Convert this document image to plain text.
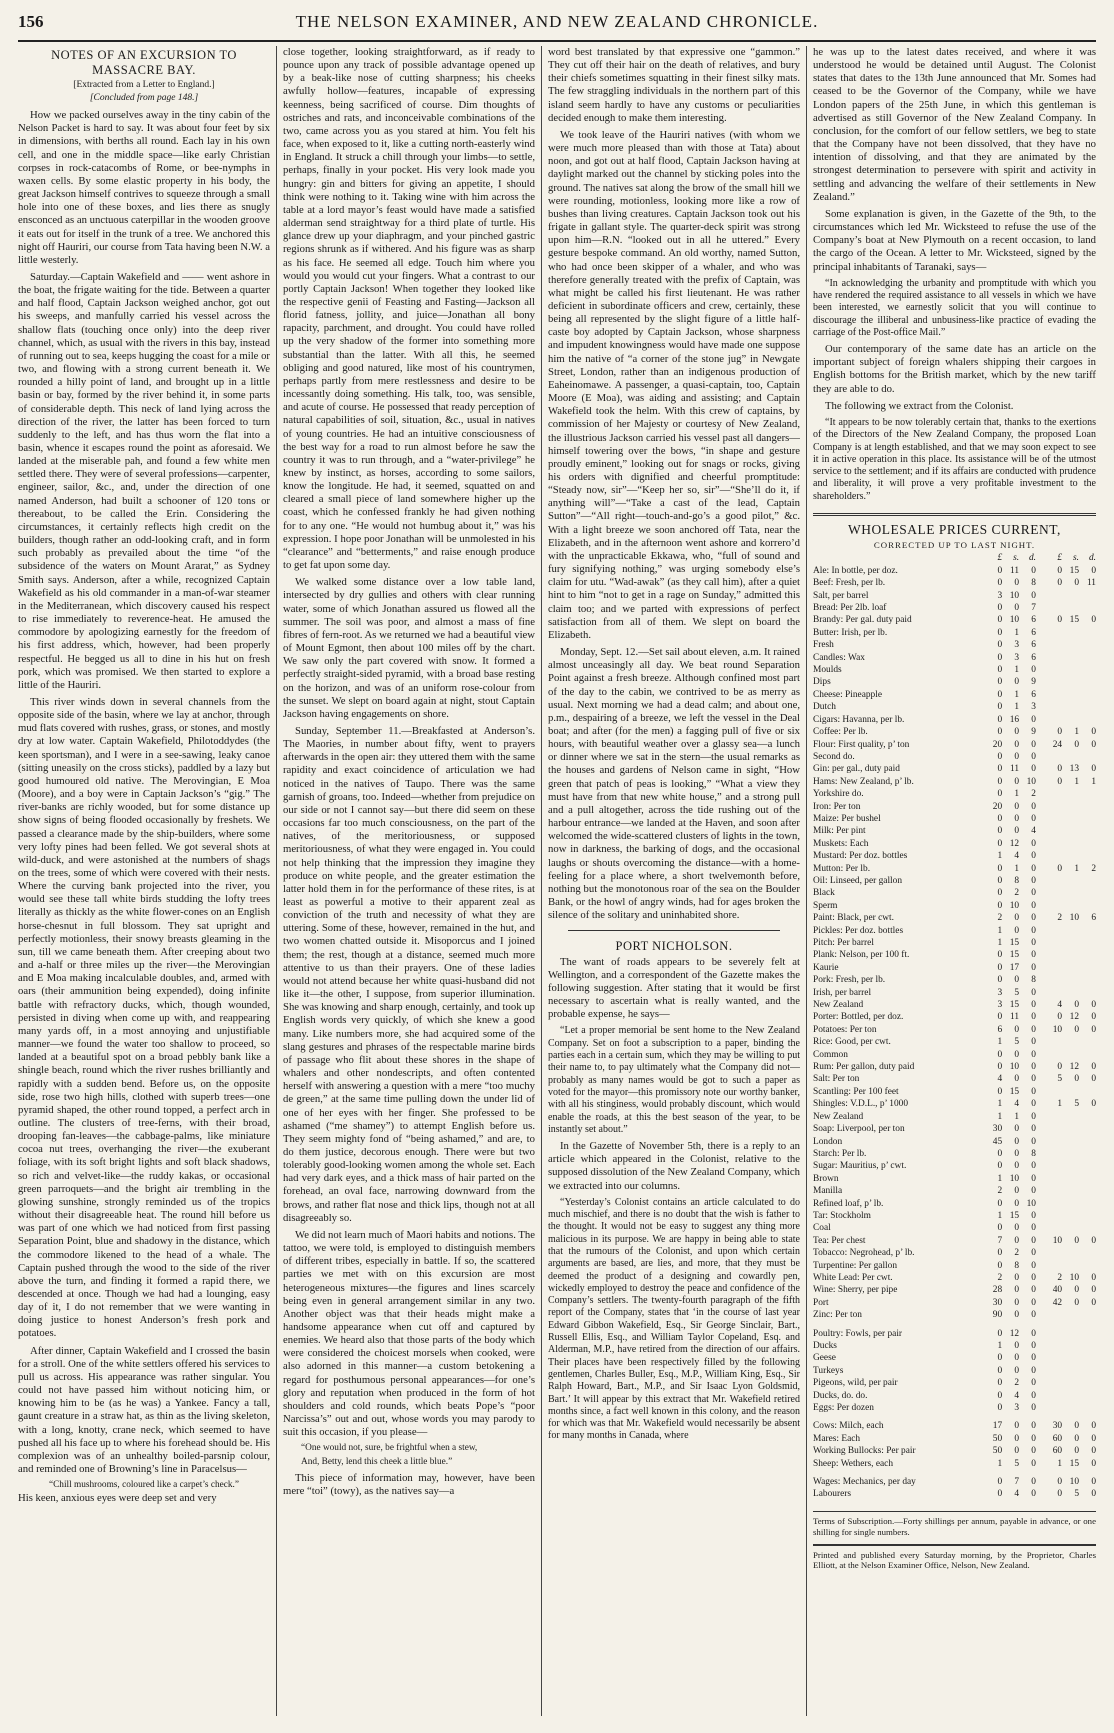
156	THE NELSON EXAMINER, AND NEW ZEALAND CHRONICLE.
NOTES OF AN EXCURSION TO MASSACRE BAY.
[Extracted from a Letter to England.]
[Concluded from page 148.]

How we packed ourselves away in the tiny cabin of the Nelson Packet is hard to say. It was about four feet by six in dimensions, with berths all round. Each lay in his own cell, and one in the middle space—like early Christian corpses in rock-catacombs of Rome, or bee-nymphs in waxen cells. By some elastic property in his body, the great Jackson himself contrives to squeeze through a small hole into one of these boxes, and lies there as snugly ensconced as an unctuous caterpillar in the wooden groove it eats out for itself in the trunk of a tree. We anchored this night off Hauriri, our course from Tata having been N.W. a little westerly.

Saturday.—Captain Wakefield and —— went ashore in the boat, the frigate waiting for the tide. Between a quarter and half flood, Captain Jackson weighed anchor, got out his sweeps, and manfully carried his vessel across the shallow flats (touching once only) into the deep river channel, which, as usual with the rivers in this bay, instead of running out to sea, keeps hugging the coast for a mile or two, and flowing with a strong current beneath it. We rounded a hilly point of land, and brought up in a little basin or bay, formed by the river behind it, in some parts of considerable depth. This neck of land lying across the direction of the river, the latter has been forced to turn suddenly to the left, and has thus worn the flat into a basin, whence it escapes round the point as aforesaid. We landed at the miserable pah, and found a few white men settled there. They were of several professions—carpenter, engineer, sailor, &c., and, under the direction of one named Anderson, had built a schooner of 120 tons or thereabout, to be called the Erin. Considering the circumstances, it certainly reflects high credit on the builders, though rather an odd-looking craft, and in form such probably as prevailed about the time “of the subsidence of the waters on Mount Ararat,” as Sydney Smith says. Anderson, after a while, recognized Captain Wakefield as his old commander in a man-of-war steamer in the Mediterranean, which discovery caused his respect to rise immediately to reverence-heat. He amused the commodore by apologizing earnestly for the freedom of his first address, which, however, had been properly respectful. He begged us all to dine in his hut on fresh pork, which was promised. We then started to explore a little of the Hauriri.

This river winds down in several channels from the opposite side of the basin, where we lay at anchor, through mud flats covered with rushes, grass, or stones, and mostly dry at low water. Captain Wakefield, Philotoddydes (the keen sportsman), and I were in a see-sawing, leaky canoe (sitting uneasily on the cross sticks), paddled by a lazy but good humoured old native. The Merovingian, E Moa (Moore), and a boy were in Captain Jackson’s “gig.” The river-banks are richly wooded, but for some distance up show signs of being flooded occasionally by freshets. We passed a clearance made by the ship-builders, where some very lofty pines had been felled. We got several shots at wild-duck, and were astonished at the numbers of shags on the trees, some of which were covered with their nests. Where the curving bank projected into the river, you would see these tall white birds studding the lofty trees literally as thickly as the white flower-cones on an English horse-chesnut in full blossom. They sat upright and perfectly motionless, their snowy breasts gleaming in the sun, till we came beneath them. After creeping about two and a-half or three miles up the river—the Merovingian and E Moa making incalculable doubles, and, armed with oars (their ammunition being expended), doing infinite battle with refractory ducks, which, though wounded, persisted in diving when come up with, and reappearing many yards off, in a most annoying and unjustifiable manner—we found the water too shallow to proceed, so landed at a beautiful spot on a broad pebbly bank like a shingle beach, round which the river rushes brilliantly and rapidly with a sudden bend. Before us, on the opposite side, rose two high hills, clothed with superb trees—one pyramid shaped, the other round topped, a perfect arch in outline. The clusters of tree-ferns, with their broad, drooping fan-leaves—the cabbage-palms, like miniature cocoa nut trees, overhanging the river—the exuberant foliage, with its soft bright lights and soft black shadows, so rich and velvet-like—the ruddy kakas, or occasional green parroquets—and the bright air trembling in the glowing sunshine, strongly reminded us of the tropics without their disagreeable heat. The round hill before us was part of one which we had noticed from first passing Separation Point, blue and shadowy in the distance, which the commodore likened to the head of a whale. The Captain pushed through the wood to the side of the river above the turn, and finding it formed a rapid there, we descended at once. Though we had had a lounging, easy day of it, I do not remember that we were wanting in doing justice to honest Anderson’s fresh pork and potatoes.

After dinner, Captain Wakefield and I crossed the basin for a stroll. One of the white settlers offered his services to pull us across. His appearance was rather singular. You could not have passed him without noticing him, or knowing him to be (as he was) a Yankee. Fancy a tall, gaunt creature in a straw hat, as thin as the living skeleton, with a long, knotty, crane neck, which seemed to have pushed all his face up to where his forehead should be. His complexion was of an unhealthy boiled-parsnip colour, and reminded one of Browning’s line in Paracelsus—

“Chill mushrooms, coloured like a carpet’s check.”

His keen, anxious eyes were deep set and very

close together, looking straightforward, as if ready to pounce upon any track of possible advantage opened up by a beak-like nose of cutting sharpness; his cheeks awfully hollow—features, incapable of expressing keenness, being sacrificed of course. Dim thoughts of ostriches and rats, and inconceivable combinations of the two, came across you as you stared at him. You felt his face, when exposed to it, like a cutting north-easterly wind in England. It struck a chill through your limbs—to settle, perhaps, finally in your pocket. His very look made you hungry: gin and bitters for giving an appetite, I should think were nothing to it. Taking wine with him across the table at a lord mayor’s feast would have made a satisfied alderman send straightway for a third plate of turtle. His glance drew up your diaphragm, and your pinched gastric regions shrunk as if withered. And his figure was as sharp as his face. He seemed all edge. Touch him where you would you would cut your fingers. What a contrast to our portly Captain Jackson! When together they looked like the respective genii of Feasting and Fasting—Jackson all florid fatness, jollity, and juice—Jonathan all bony rapacity, parchment, and drought. You could have rolled up the very shadow of the former into something more substantial than the latter. With all this, he seemed obliging and good natured, like most of his countrymen, perhaps partly from mere restlessness and desire to be incessantly doing something. His talk, too, was sensible, and acute of course. He possessed that ready perception of natural capabilities of soil, situation, &c., usual in natives of young countries. He had an intuitive consciousness of the best way for a road to run almost before he saw the country it was to run through, and a “water-privilege” he knew by instinct, as horses, according to some sailors, know the longitude. He had, it seemed, squatted on and cleared a small piece of land somewhere higher up the coast, which he confessed frankly he had given nothing for to any one. “He would not humbug about it,” was his expression. I hope poor Jonathan will be unmolested in his “clearance” and “betterments,” and raise enough produce to get fat upon some day.

We walked some distance over a low table land, intersected by dry gullies and others with clear running water, some of which Jonathan assured us flowed all the summer. The soil was poor, and almost a mass of fine fibres of fern-root. As we returned we had a beautiful view of Mount Egmont, then about 100 miles off by the chart. We saw only the part covered with snow. It formed a perfectly straight-sided pyramid, with a broad base resting on the horizon, and was of an uniform rose-colour from the sunset. We slept on board again at night, stout Captain Jackson having engagements on shore.

Sunday, September 11.—Breakfasted at Anderson’s. The Maories, in number about fifty, went to prayers afterwards in the open air: they uttered them with the same rapidity and exact coincidence of articulation we had noticed in the natives of Taupo. There was the same garnish of groans, too. Indeed—whether from prejudice on our side or not I cannot say—but there did seem on these occasions far too much consciousness, on the part of the natives, of the meritoriousness, or supposed meritoriousness, of what they were engaged in. You could not help thinking that the impression they imagine they produce on white people, and the greater estimation the latter hold them in for the performance of these rites, is at least as powerful a motive to their apparent zeal as conviction of the truth and necessity of what they are uttering. Some of these, however, remained in the hut, and two women chatted outside it. Misoporcus and I joined them; the rest, though at a distance, seemed much more attentive to us than their prayers. One of these ladies would not attend because her white quasi-husband did not like it—the other, I suppose, from superior illumination. She was knowing and sharp enough, certainly, and took up English words very quickly, of which she knew a good many. Like numbers more, she had acquired some of the slang gestures and phrases of the respectable marine birds of passage who flit about these shores in the shape of whalers and other nondescripts, and often contented herself with answering a question with a mere “too muchy de green,” at the same time pulling down the under lid of one of her eyes with her finger. She professed to be ashamed (“me shamey”) to attempt English before us. They seem mighty fond of “being ashamed,” and are, to do them justice, decorous enough. There were but two tolerably good-looking women among the whole set. Each had very dark eyes, and a thick mass of hair parted on the forehead, an oval face, narrowing downward from the brows, and rather flat nose and thick lips, though not at all disagreeably so.

We did not learn much of Maori habits and notions. The tattoo, we were told, is employed to distinguish members of different tribes, especially in battle. If so, the scattered parties we met with on this excursion are most heterogeneous mixtures—the figures and lines scarcely being even in general arrangement similar in any two. Another object was that their heads might make a handsome appearance when cut off and captured by enemies. We heard also that those parts of the body which were considered the choicest morsels when cooked, were also adorned in this manner—a custom betokening a regard for posthumous personal appearances—for one’s glory and reputation when produced in the form of hot shoulders and cold rounds, which beats Pope’s “poor Narcissa’s” out and out, whose words you may parody to suit this occasion, if you please—

“One would not, sure, be frightful when a stew,
And, Betty, lend this cheek a little blue.”

This piece of information may, however, have been mere “toi” (towy), as the natives say—a

word best translated by that expressive one “gammon.” They cut off their hair on the death of relatives, and bury their chiefs sometimes squatting in their finest silky mats. The few straggling individuals in the northern part of this island seem hardly to have any customs or peculiarities decided enough to make them interesting.

We took leave of the Hauriri natives (with whom we were much more pleased than with those at Tata) about noon, and got out at half flood, Captain Jackson having at daylight marked out the channel by sticking poles into the ground. The natives sat along the brow of the small hill we were rounding, motionless, looking more like a row of bushes than living creatures. Captain Jackson took out his frigate in gallant style. The quarter-deck spirit was strong upon him—R.N. “looked out in all he uttered.” Every gesture bespoke command. An old worthy, named Sutton, who had once been skipper of a whaler, and who was therefore generally treated with the prefix of Captain, was what might be called his first lieutenant. He was rather deficient in subordinate officers and crew, certainly, these being all represented by the slight figure of a little half-caste boy adopted by Captain Jackson, whose sharpness and impudent knowingness would have made one suppose him the native of “a corner of the stone jug” in Newgate Street, London, rather than an indigenous production of Eaheinomawe. A passenger, a quasi-captain, too, Captain Moore (E Moa), was aiding and assisting; and Captain Wakefield took the helm. With this crew of captains, by commission of her Majesty or courtesy of New Zealand, the illustrious Jackson carried his vessel past all dangers—himself towering over the bows, “in shape and gesture proudly eminent,” looking out for snags or rocks, giving his orders with dignified and cheerful promptitude: “Steady now, sir”—“Keep her so, sir”—“She’ll do it, if anything will”—“Take a cast of the lead, Captain Sutton”—“All right—touch-and-go’s a good pilot,” &c. With a light breeze we soon anchored off Tata, near the Elizabeth, and in the afternoon went ashore and korrero’d with the unpracticable Ekkawa, who, “full of sound and fury signifying nothing,” was urging somebody else’s claim for utu. “Wad-awak” (as they call him), after a quiet hint to him “not to get in a rage on Sunday,” admitted this claim too; and we parted with expressions of perfect satisfaction from all of them. We slept on board the Elizabeth.

Monday, Sept. 12.—Set sail about eleven, a.m. It rained almost unceasingly all day. We beat round Separation Point against a fresh breeze. Although confined most part of the day to the cabin, we contrived to be as merry as usual. Next morning we had a dead calm; and about one, p.m., despairing of a breeze, we left the vessel in the Deal boat; and after (for the men) a fagging pull of five or six hours, with beautiful weather over a glassy sea—a lunch or dinner where we sat in the stern—the usual remarks as the houses and gardens of Nelson came in sight, “How green that patch of peas is looking,” “What a view they must have from that new white house,” and a strong pull and a pull altogether, across the tide rushing out of the harbour entrance—we landed at the Haven, and soon after welcomed the wide-scattered clusters of lights in the town, now in darkness, the barking of dogs, and the occasional laughs or shouts overcoming the distance—with a home-feeling for a place where, a short twelvemonth before, nothing but the monotonous roar of the sea on the Boulder Bank, or the howl of angry winds, had for ages broken the silence of the solitary and uninhabited shore.

PORT NICHOLSON.

The want of roads appears to be severely felt at Wellington, and a correspondent of the Gazette makes the following suggestion. After stating that it would be first necessary to ascertain what is really wanted, and the probable expense, he says—

“Let a proper memorial be sent home to the New Zealand Company. Set on foot a subscription to a paper, binding the parties each in a certain sum, which they may be willing to put their name to, to pay ultimately what the Company did not—probably as many names would be got to such a paper as voted for the mayor—this promissory note our worthy banker, with all his stinginess, would probably discount, which would enable the roads, at this the best season of the year, to be instantly set about.”

In the Gazette of November 5th, there is a reply to an article which appeared in the Colonist, relative to the supposed dissolution of the New Zealand Company, which we extracted into our columns.

“Yesterday’s Colonist contains an article calculated to do much mischief, and there is no doubt that the wish is father to the thought. It would not be easy to suggest any thing more malicious in its purpose. We are happy in being able to state that the rumours of the Colonist, and upon which certain arguments are based, are lies, and more, that they must be deemed the product of a designing and cowardly pen, wickedly employed to destroy the peace and confidence of the Company’s settlers. The twenty-fourth paragraph of the fifth report of the Company, states that ‘in the course of last year Edward Gibbon Wakefield, Esq., Sir George Sinclair, Bart., Russell Ellis, Esq., and William Taylor Copeland, Esq. and Alderman, M.P., have retired from the direction of our affairs. Their places have been respectively filled by the following gentlemen, Charles Buller, Esq., M.P., William King, Esq., Sir Ralph Howard, Bart., M.P., and Sir Isaac Lyon Goldsmid, Bart.’ It will appear by this extract that Mr. Wakefield retired months since, a fact well known in this colony, and the reason for which was that Mr. Wakefield would necessarily be absent for many months in Canada, where

he was up to the latest dates received, and where it was understood he would be detained until August. The Colonist states that dates to the 13th June announced that Mr. Somes had ceased to be the Governor of the Company, while we have London papers of the 25th June, in which this gentleman is advertised as still Governor of the New Zealand Company. In conclusion, for the comfort of our fellow settlers, we beg to state that the Company have not been dissolved, that they have no intention of dissolving, and that they are animated by the strongest determination to persevere with spirit and activity in settling and advancing the welfare of their settlements in New Zealand.”

Some explanation is given, in the Gazette of the 9th, to the circumstances which led Mr. Wicksteed to refuse the use of the Company’s boat at New Plymouth on a recent occasion, to land the cargo of the Ocean. A letter to Mr. Wicksteed, signed by the principal inhabitants of Taranaki, says—

“In acknowledging the urbanity and promptitude with which you have rendered the required assistance to all vessels in which we have been interested, we earnestly solicit that you will continue to discourage the illiberal and unbusiness-like practice of evading the carriage of the Post-office Mail.”

Our contemporary of the same date has an article on the important subject of foreign whalers shipping their cargoes in English bottoms for the British market, which by the new tariff they are able to do.

The following we extract from the Colonist.

“It appears to be now tolerably certain that, thanks to the exertions of the Directors of the New Zealand Company, the proposed Loan Company is at length established, and that we may soon expect to see it in active operation in this place. Its assistance will be of the utmost service to the settlement; and if its affairs are conducted with prudence and liberality, it will prove a very profitable investment to the shareholders.”

WHOLESALE PRICES CURRENT,
CORRECTED UP TO LAST NIGHT.
	£	s.	d.		£	s.	d.
Ale: In bottle, per doz.	0	11	0		0	15	0
Beef: Fresh, per lb.	0	0	8		0	0	11
Salt, per barrel	3	10	0				
Bread: Per 2lb. loaf	0	0	7				
Brandy: Per gal. duty paid	0	10	6		0	15	0
Butter: Irish, per lb.	0	1	6				
Fresh	0	3	6				
Candles: Wax	0	3	6				
Moulds	0	1	0				
Dips	0	0	9				
Cheese: Pineapple	0	1	6				
Dutch	0	1	3				
Cigars: Havanna, per lb.	0	16	0				
Coffee: Per lb.	0	0	9		0	1	0
Flour: First quality, p’ ton	20	0	0		24	0	0
Second do.	0	0	0				
Gin: per gal., duty paid	0	11	0		0	13	0
Hams: New Zealand, p’ lb.	0	0	10		0	1	1
Yorkshire do.	0	1	2				
Iron: Per ton	20	0	0				
Maize: Per bushel	0	0	0				
Milk: Per pint	0	0	4				
Muskets: Each	0	12	0				
Mustard: Per doz. bottles	1	4	0				
Mutton: Per lb.	0	1	0		0	1	2
Oil: Linseed, per gallon	0	8	0				
Black	0	2	0				
Sperm	0	10	0				
Paint: Black, per cwt.	2	0	0		2	10	6
Pickles: Per doz. bottles	1	0	0				
Pitch: Per barrel	1	15	0				
Plank: Nelson, per 100 ft.	0	15	0				
Kaurie	0	17	0				
Pork: Fresh, per lb.	0	0	8				
Irish, per barrel	3	5	0				
New Zealand	3	15	0		4	0	0
Porter: Bottled, per doz.	0	11	0		0	12	0
Potatoes: Per ton	6	0	0		10	0	0
Rice: Good, per cwt.	1	5	0				
Common	0	0	0				
Rum: Per gallon, duty paid	0	10	0		0	12	0
Salt: Per ton	4	0	0		5	0	0
Scantling: Per 100 feet	0	15	0				
Shingles: V.D.L., p’ 1000	1	4	0		1	5	0
New Zealand	1	1	0				
Soap: Liverpool, per ton	30	0	0				
London	45	0	0				
Starch: Per lb.	0	0	8				
Sugar: Mauritius, p’ cwt.	0	0	0				
Brown	1	10	0				
Manilla	2	0	0				
Refined loaf, p’ lb.	0	0	10				
Tar: Stockholm	1	15	0				
Coal	0	0	0				
Tea: Per chest	7	0	0		10	0	0
Tobacco: Negrohead, p’ lb.	0	2	0				
Turpentine: Per gallon	0	8	0				
White Lead: Per cwt.	2	0	0		2	10	0
Wine: Sherry, per pipe	28	0	0		40	0	0
Port	30	0	0		42	0	0
Zinc: Per ton	90	0	0				

Poultry: Fowls, per pair	0	12	0				
Ducks	1	0	0				
Geese	0	0	0				
Turkeys	0	0	0				
Pigeons, wild, per pair	0	2	0				
Ducks, do. do.	0	4	0				
Eggs: Per dozen	0	3	0				

Cows: Milch, each	17	0	0		30	0	0
Mares: Each	50	0	0		60	0	0
Working Bullocks: Per pair	50	0	0		60	0	0
Sheep: Wethers, each	1	5	0		1	15	0

Wages: Mechanics, per day	0	7	0		0	10	0
Labourers	0	4	0		0	5	0
Terms of Subscription.—Forty shillings per annum, payable in advance, or one shilling for single numbers.
Printed and published every Saturday morning, by the Proprietor, Charles Elliott, at the Nelson Examiner Office, Nelson, New Zealand.
